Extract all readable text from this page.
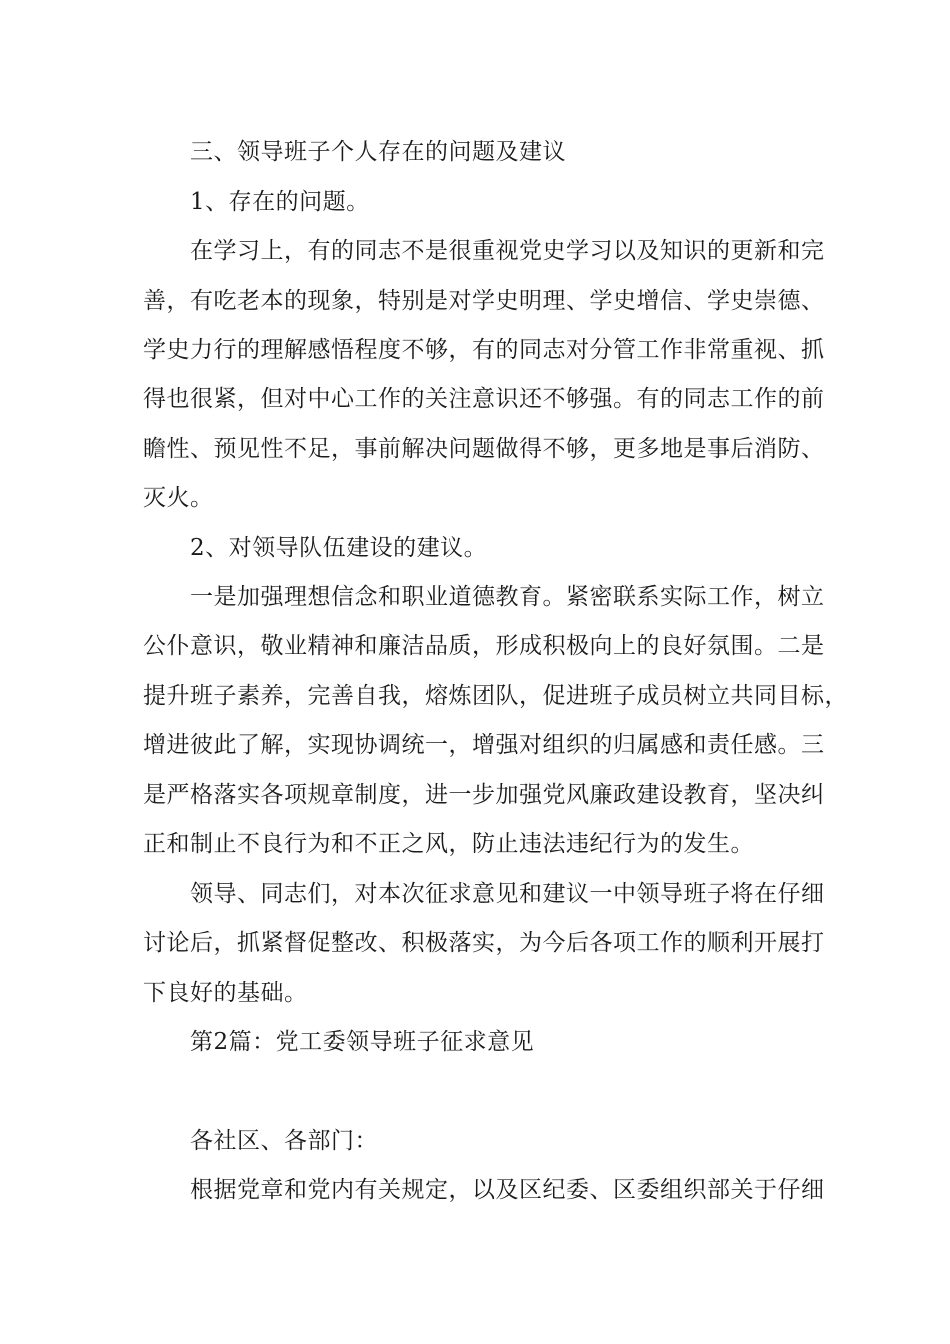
三、领导班子个人存在的问题及建议
1、存在的问题。
在学习上，有的同志不是很重视党史学习以及知识的更新和完
善，有吃老本的现象，特别是对学史明理、学史增信、学史崇德、
学史力行的理解感悟程度不够，有的同志对分管工作非常重视、抓
得也很紧，但对中心工作的关注意识还不够强。有的同志工作的前
瞻性、预见性不足，事前解决问题做得不够，更多地是事后消防、
灭火。
2、对领导队伍建设的建议。
一是加强理想信念和职业道德教育。紧密联系实际工作，树立
公仆意识，敬业精神和廉洁品质，形成积极向上的良好氛围。二是
提升班子素养，完善自我，熔炼团队，促进班子成员树立共同目标，
增进彼此了解，实现协调统一，增强对组织的归属感和责任感。三
是严格落实各项规章制度，进一步加强党风廉政建设教育，坚决纠
正和制止不良行为和不正之风，防止违法违纪行为的发生。
领导、同志们，对本次征求意见和建议一中领导班子将在仔细
讨论后，抓紧督促整改、积极落实，为今后各项工作的顺利开展打
下良好的基础。
第2篇：党工委领导班子征求意见
各社区、各部门：
根据党章和党内有关规定，以及区纪委、区委组织部关于仔细
